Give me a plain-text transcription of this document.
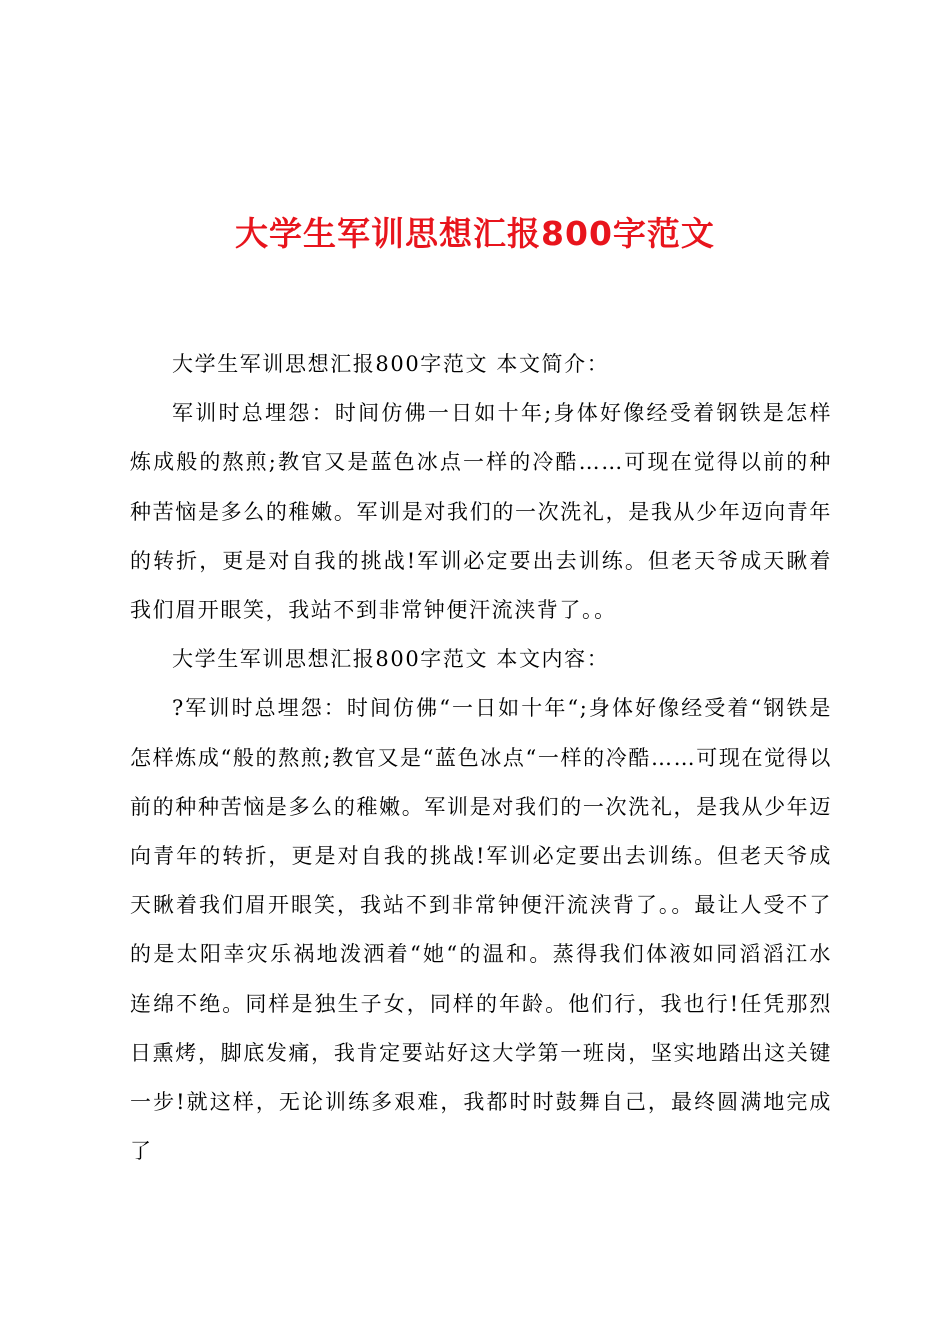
大学生军训思想汇报800字范文

大学生军训思想汇报800字范文 本文简介：

军训时总埋怨：时间仿佛一日如十年;身体好像经受着钢铁是怎样炼成般的熬煎;教官又是蓝色冰点一样的冷酷……可现在觉得以前的种种苦恼是多么的稚嫩。军训是对我们的一次洗礼，是我从少年迈向青年的转折，更是对自我的挑战!军训必定要出去训练。但老天爷成天瞅着我们眉开眼笑，我站不到非常钟便汗流浃背了。。

大学生军训思想汇报800字范文 本文内容：

?军训时总埋怨：时间仿佛“一日如十年“;身体好像经受着“钢铁是怎样炼成“般的熬煎;教官又是“蓝色冰点“一样的冷酷……可现在觉得以前的种种苦恼是多么的稚嫩。军训是对我们的一次洗礼，是我从少年迈向青年的转折，更是对自我的挑战!军训必定要出去训练。但老天爷成天瞅着我们眉开眼笑，我站不到非常钟便汗流浃背了。。最让人受不了的是太阳幸灾乐祸地泼洒着“她“的温和。蒸得我们体液如同滔滔江水连绵不绝。同样是独生子女，同样的年龄。他们行，我也行!任凭那烈日熏烤，脚底发痛，我肯定要站好这大学第一班岗，坚实地踏出这关键一步!就这样，无论训练多艰难，我都时时鼓舞自己，最终圆满地完成了
